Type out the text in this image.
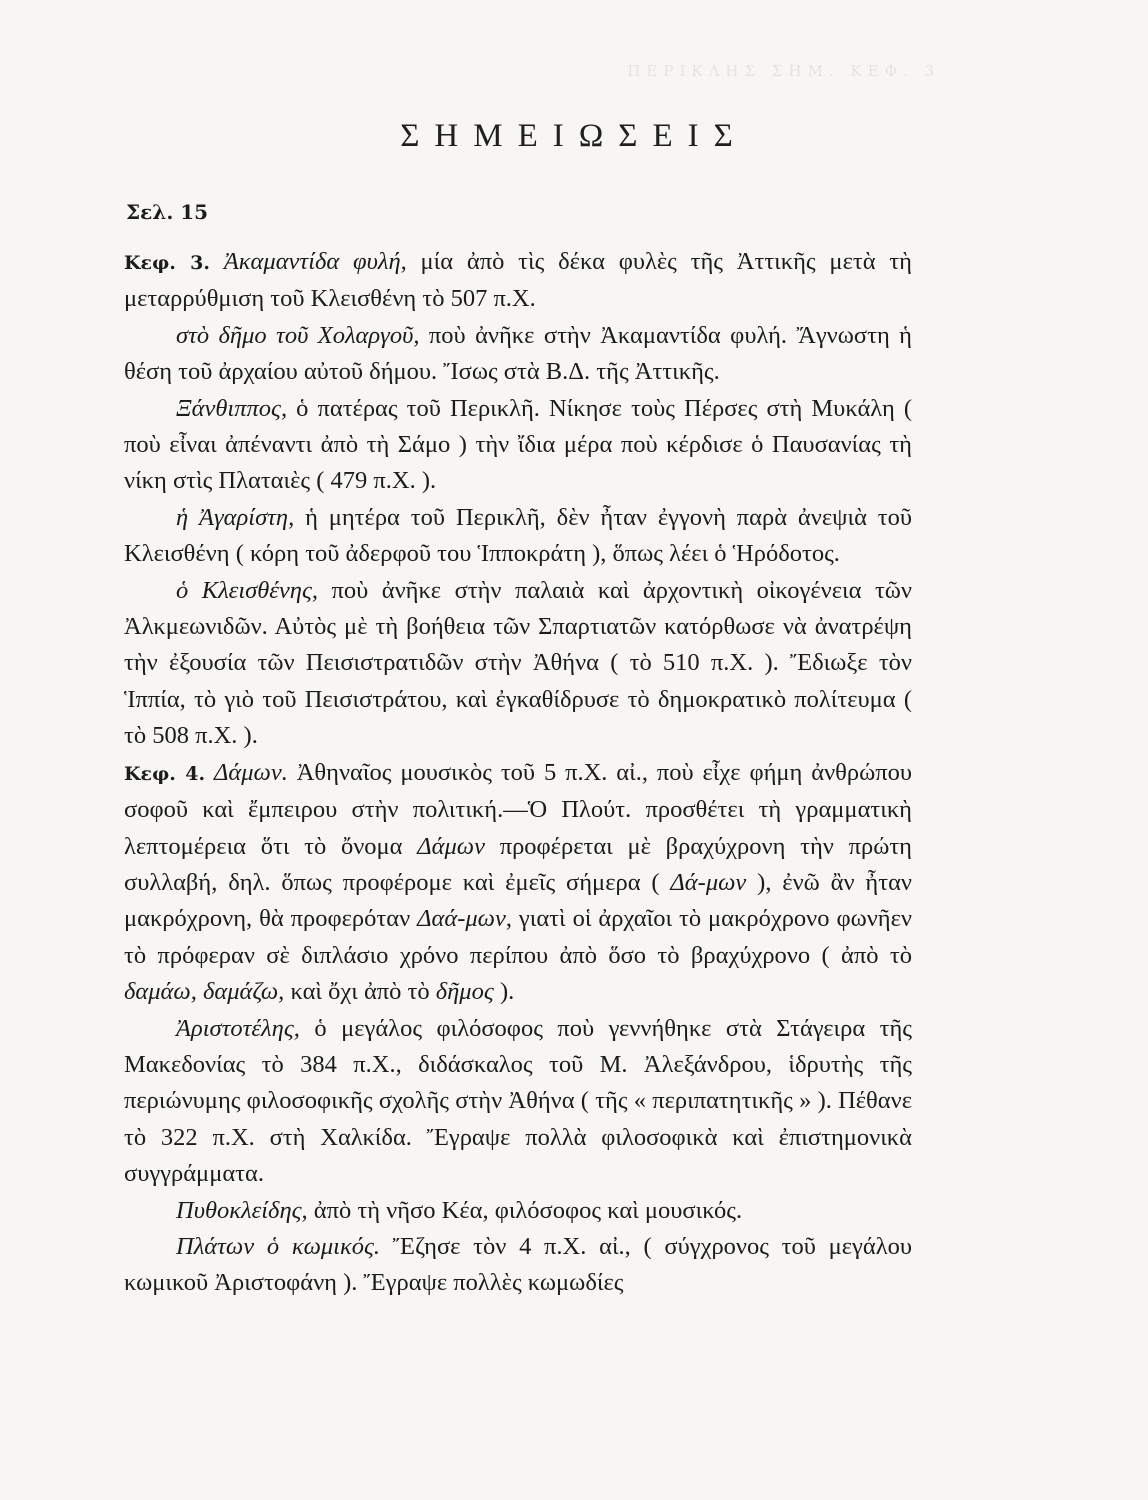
ΠΕΡΙΚΛΗΣ ΣΗΜ. ΚΕΦ. 3
ΣΗΜΕΙΩΣΕΙΣ
Σελ. 15

Κεφ. 3. Ἀκαμαντίδα φυλή, μία ἀπὸ τὶς δέκα φυλὲς τῆς Ἀττικῆς μετὰ τὴ μεταρρύθμιση τοῦ Κλεισθένη τὸ 507 π.Χ.

στὸ δῆμο τοῦ Χολαργοῦ, ποὺ ἀνῆκε στὴν Ἀκαμαντίδα φυλή. Ἄγνωστη ἡ θέση τοῦ ἀρχαίου αὐτοῦ δήμου. Ἴσως στὰ Β.Δ. τῆς Ἀττικῆς.

Ξάνθιππος, ὁ πατέρας τοῦ Περικλῆ. Νίκησε τοὺς Πέρσες στὴ Μυκάλη ( ποὺ εἶναι ἀπέναντι ἀπὸ τὴ Σάμο ) τὴν ἴδια μέρα ποὺ κέρδισε ὁ Παυσανίας τὴ νίκη στὶς Πλαταιὲς ( 479 π.Χ. ).

ἡ Ἀγαρίστη, ἡ μητέρα τοῦ Περικλῆ, δὲν ἦταν ἐγγονὴ παρὰ ἀνεψιὰ τοῦ Κλεισθένη ( κόρη τοῦ ἀδερφοῦ του Ἱπποκράτη ), ὅπως λέει ὁ Ἡρόδοτος.

ὁ Κλεισθένης, ποὺ ἀνῆκε στὴν παλαιὰ καὶ ἀρχοντικὴ οἰκογένεια τῶν Ἀλκμεωνιδῶν. Αὐτὸς μὲ τὴ βοήθεια τῶν Σπαρτιατῶν κατόρθωσε νὰ ἀνατρέψη τὴν ἐξουσία τῶν Πεισιστρατιδῶν στὴν Ἀθήνα ( τὸ 510 π.Χ. ). Ἔδιωξε τὸν Ἱππία, τὸ γιὸ τοῦ Πεισιστράτου, καὶ ἐγκαθίδρυσε τὸ δημοκρατικὸ πολίτευμα ( τὸ 508 π.Χ. ).

Κεφ. 4. Δάμων. Ἀθηναῖος μουσικὸς τοῦ 5 π.Χ. αἰ., ποὺ εἶχε φήμη ἀνθρώπου σοφοῦ καὶ ἔμπειρου στὴν πολιτική.—Ὁ Πλούτ. προσθέτει τὴ γραμματικὴ λεπτομέρεια ὅτι τὸ ὄνομα Δάμων προφέρεται μὲ βραχύχρονη τὴν πρώτη συλλαβή, δηλ. ὅπως προφέρομε καὶ ἐμεῖς σήμερα ( Δά-μων ), ἐνῶ ἂν ἦταν μακρόχρονη, θὰ προφερόταν Δαά-μων, γιατὶ οἱ ἀρχαῖοι τὸ μακρόχρονο φωνῆεν τὸ πρόφεραν σὲ διπλάσιο χρόνο περίπου ἀπὸ ὅσο τὸ βραχύχρονο ( ἀπὸ τὸ δαμάω, δαμάζω, καὶ ὄχι ἀπὸ τὸ δῆμος ).

Ἀριστοτέλης, ὁ μεγάλος φιλόσοφος ποὺ γεννήθηκε στὰ Στάγειρα τῆς Μακεδονίας τὸ 384 π.Χ., διδάσκαλος τοῦ Μ. Ἀλεξάνδρου, ἱδρυτὴς τῆς περιώνυμης φιλοσοφικῆς σχολῆς στὴν Ἀθήνα ( τῆς « περιπατητικῆς » ). Πέθανε τὸ 322 π.Χ. στὴ Χαλκίδα. Ἔγραψε πολλὰ φιλοσοφικὰ καὶ ἐπιστημονικὰ συγγράμματα.

Πυθοκλείδης, ἀπὸ τὴ νῆσο Κέα, φιλόσοφος καὶ μουσικός.

Πλάτων ὁ κωμικός. Ἔζησε τὸν 4 π.Χ. αἰ., ( σύγχρονος τοῦ μεγάλου κωμικοῦ Ἀριστοφάνη ). Ἔγραψε πολλὲς κωμωδίες
